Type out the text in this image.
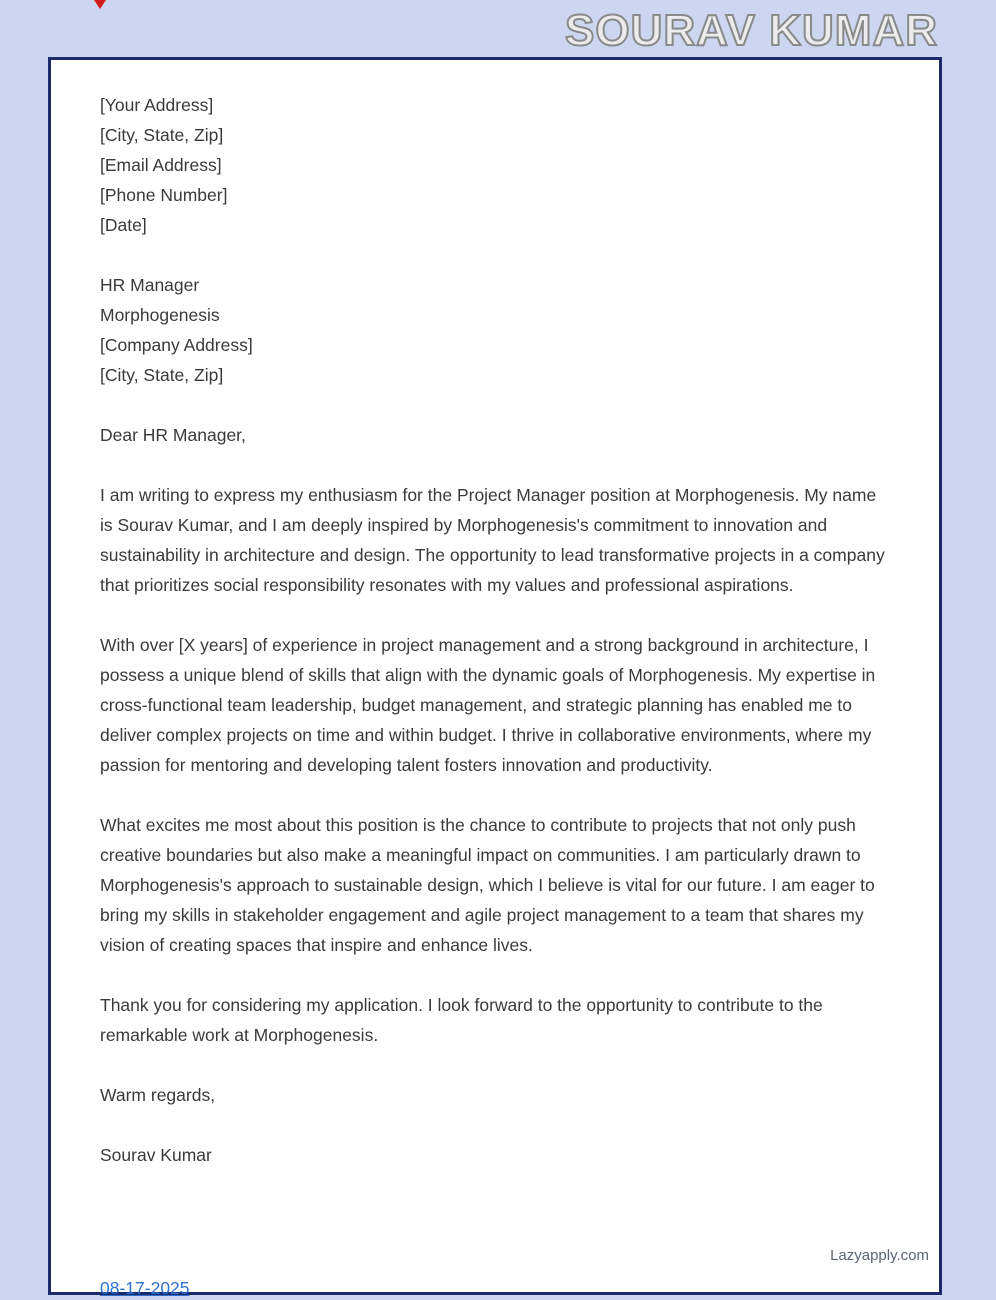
SOURAV KUMAR
[Your Address]
[City, State, Zip]
[Email Address]
[Phone Number]
[Date]
HR Manager
Morphogenesis
[Company Address]
[City, State, Zip]
Dear HR Manager,

I am writing to express my enthusiasm for the Project Manager position at Morphogenesis. My name is Sourav Kumar, and I am deeply inspired by Morphogenesis's commitment to innovation and sustainability in architecture and design. The opportunity to lead transformative projects in a company that prioritizes social responsibility resonates with my values and professional aspirations.

With over [X years] of experience in project management and a strong background in architecture, I possess a unique blend of skills that align with the dynamic goals of Morphogenesis. My expertise in cross-functional team leadership, budget management, and strategic planning has enabled me to deliver complex projects on time and within budget. I thrive in collaborative environments, where my passion for mentoring and developing talent fosters innovation and productivity.

What excites me most about this position is the chance to contribute to projects that not only push creative boundaries but also make a meaningful impact on communities. I am particularly drawn to Morphogenesis's approach to sustainable design, which I believe is vital for our future. I am eager to bring my skills in stakeholder engagement and agile project management to a team that shares my vision of creating spaces that inspire and enhance lives.

Thank you for considering my application. I look forward to the opportunity to contribute to the remarkable work at Morphogenesis.

Warm regards,
Sourav Kumar
Lazyapply.com
08-17-2025
